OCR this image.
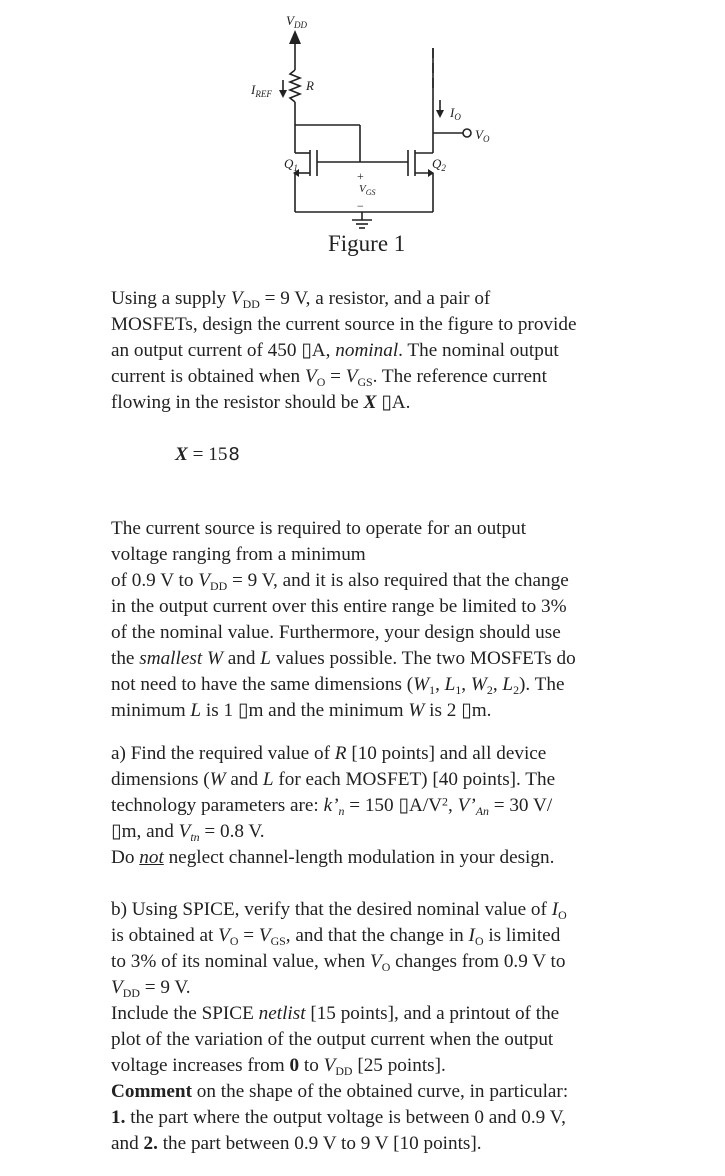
$V_{DD}$
$I_{REF}$
R
$I_O$
$V_O$
$Q_1$	$Q_2$
$V_{GS}$
+
−
Figure 1
Using a supply $V_{DD} = 9$ V, a resistor, and a pair of
MOSFETs, design the current source in the figure to provide
an output current of 450 ▯A, nominal. The nominal output
current is obtained when $V_O = V_{GS}$. The reference current
flowing in the resistor should be X ▯A.
X = 158
The current source is required to operate for an output
voltage ranging from a minimum
of 0.9 V to $V_{DD} = 9$ V, and it is also required that the change
in the output current over this entire range be limited to 3%
of the nominal value. Furthermore, your design should use
the smallest W and L values possible. The two MOSFETs do
not need to have the same dimensions ($W_1$, $L_1$, $W_2$, $L_2$). The
minimum L is 1 ▯m and the minimum W is 2 ▯m.
a) Find the required value of R [10 points] and all device
dimensions (W and L for each MOSFET) [40 points]. The
technology parameters are: $k’_n = 150$ $▯A/V^2$, $V’_{An} = 30$ V/
▯m, and $V_{tn} = 0.8$ V.
Do not neglect channel-length modulation in your design.
b) Using SPICE, verify that the desired nominal value of $I_O$
is obtained at $V_O = V_{GS}$, and that the change in $I_O$ is limited
to 3% of its nominal value, when $V_O$ changes from 0.9 V to
$V_{DD} = 9$ V.
Include the SPICE netlist [15 points], and a printout of the
plot of the variation of the output current when the output
voltage increases from 0 to $V_{DD}$ [25 points].
Comment on the shape of the obtained curve, in particular:
1. the part where the output voltage is between 0 and 0.9 V,
and 2. the part between 0.9 V to 9 V [10 points].
